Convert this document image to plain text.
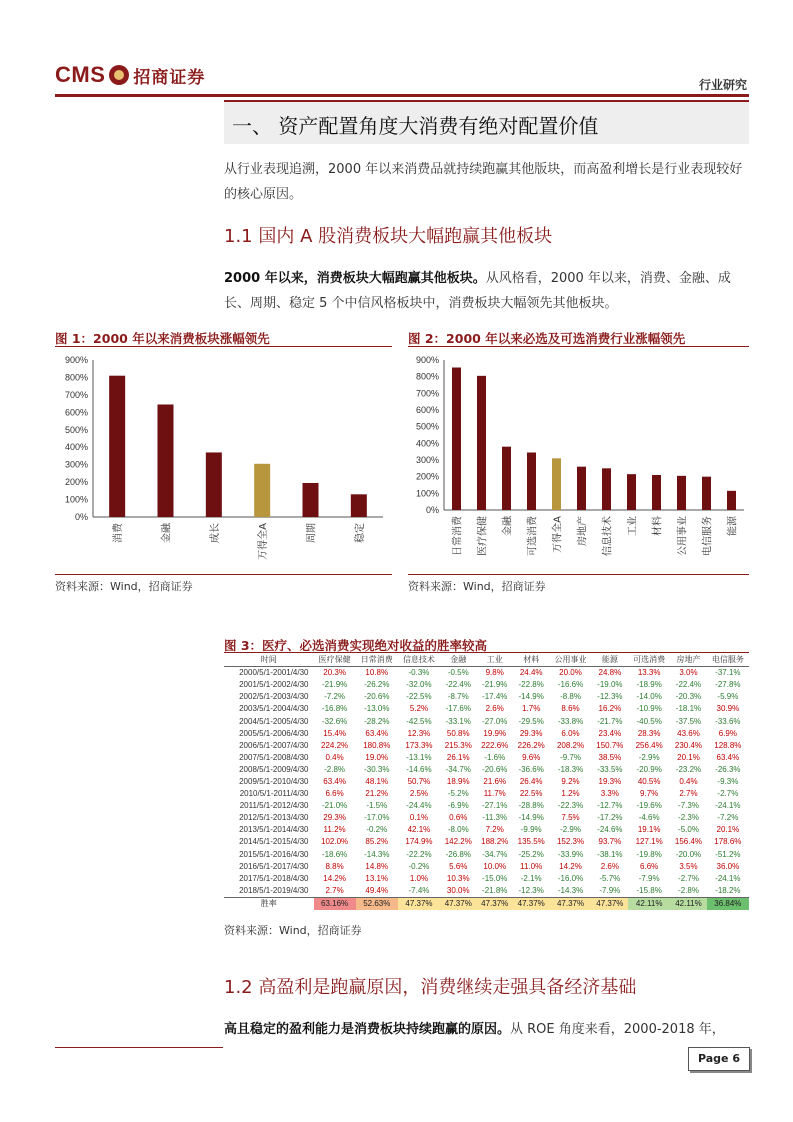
CMS 招商证券	行业研究
一、 资产配置角度大消费有绝对配置价值
从行业表现追溯，2000 年以来消费品就持续跑赢其他版块，而高盈利增长是行业表现较好的核心原因。
1.1 国内 A 股消费板块大幅跑赢其他板块
2000 年以来，消费板块大幅跑赢其他板块。从风格看，2000 年以来，消费、金融、成长、周期、稳定 5 个中信风格板块中，消费板块大幅领先其他板块。
图 1：2000 年以来消费板块涨幅领先
0%
100%
200%
300%
400%
500%
600%
700%
800%
900%
消费	金融	成长	万得全A	周期	稳定
资料来源：Wind，招商证券
图 2：2000 年以来必选及可选消费行业涨幅领先
0%
100%
200%
300%
400%
500%
600%
700%
800%
900%
日常消费 医疗保健 金融 可选消费 万得全A 房地产 信息技术 工业 材料 公用事业 电信服务 能源
资料来源：Wind，招商证券
图 3：医疗、必选消费实现绝对收益的胜率较高
时间	医疗保健	日常消费	信息技术	金融	工业	材料	公用事业	能源	可选消费	房地产	电信服务
2000/5/1-2001/4/30	20.3%	10.8%	-0.3%	-0.5%	9.8%	24.4%	20.0%	24.8%	13.3%	3.0%	-37.1%
2001/5/1-2002/4/30	-21.9%	-26.2%	-32.0%	-22.4%	-21.9%	-22.8%	-16.6%	-19.0%	-18.9%	-22.4%	-27.8%
2002/5/1-2003/4/30	-7.2%	-20.6%	-22.5%	-8.7%	-17.4%	-14.9%	-8.8%	-12.3%	-14.0%	-20.3%	-5.9%
2003/5/1-2004/4/30	-16.8%	-13.0%	5.2%	-17.6%	2.6%	1.7%	8.6%	16.2%	-10.9%	-18.1%	30.9%
2004/5/1-2005/4/30	-32.6%	-28.2%	-42.5%	-33.1%	-27.0%	-29.5%	-33.8%	-21.7%	-40.5%	-37.5%	-33.6%
2005/5/1-2006/4/30	15.4%	63.4%	12.3%	50.8%	19.9%	29.3%	6.0%	23.4%	28.3%	43.6%	6.9%
2006/5/1-2007/4/30	224.2%	180.8%	173.3%	215.3%	222.6%	226.2%	208.2%	150.7%	256.4%	230.4%	128.8%
2007/5/1-2008/4/30	0.4%	19.0%	-13.1%	26.1%	-1.6%	9.6%	-9.7%	38.5%	-2.9%	20.1%	63.4%
2008/5/1-2009/4/30	-2.8%	-30.3%	-14.6%	-34.7%	-20.6%	-36.6%	-18.3%	-33.5%	-20.9%	-23.2%	-26.3%
2009/5/1-2010/4/30	63.4%	48.1%	50.7%	18.9%	21.6%	26.4%	9.2%	19.3%	40.5%	0.4%	-9.3%
2010/5/1-2011/4/30	6.6%	21.2%	2.5%	-5.2%	11.7%	22.5%	1.2%	3.3%	9.7%	2.7%	-2.7%
2011/5/1-2012/4/30	-21.0%	-1.5%	-24.4%	-6.9%	-27.1%	-28.8%	-22.3%	-12.7%	-19.6%	-7.3%	-24.1%
2012/5/1-2013/4/30	29.3%	-17.0%	0.1%	0.6%	-11.3%	-14.9%	7.5%	-17.2%	-4.6%	-2.3%	-7.2%
2013/5/1-2014/4/30	11.2%	-0.2%	42.1%	-8.0%	7.2%	-9.9%	-2.9%	-24.6%	19.1%	-5.0%	20.1%
2014/5/1-2015/4/30	102.0%	85.2%	174.9%	142.2%	188.2%	135.5%	152.3%	93.7%	127.1%	156.4%	178.6%
2015/5/1-2016/4/30	-18.6%	-14.3%	-22.2%	-26.8%	-34.7%	-25.2%	-33.9%	-38.1%	-19.8%	-20.0%	-51.2%
2016/5/1-2017/4/30	8.8%	14.8%	-0.2%	5.6%	10.0%	11.0%	14.2%	2.6%	6.6%	3.5%	36.0%
2017/5/1-2018/4/30	14.2%	13.1%	1.0%	10.3%	-15.0%	-2.1%	-16.0%	-5.7%	-7.9%	-2.7%	-24.1%
2018/5/1-2019/4/30	2.7%	49.4%	-7.4%	30.0%	-21.8%	-12.3%	-14.3%	-7.9%	-15.8%	-2.8%	-18.2%
胜率	63.16%	52.63%	47.37%	47.37%	47.37%	47.37%	47.37%	47.37%	42.11%	42.11%	36.84%
资料来源：Wind，招商证券
1.2 高盈利是跑赢原因，消费继续走强具备经济基础
高且稳定的盈利能力是消费板块持续跑赢的原因。从 ROE 角度来看，2000-2018 年，
Page 6
